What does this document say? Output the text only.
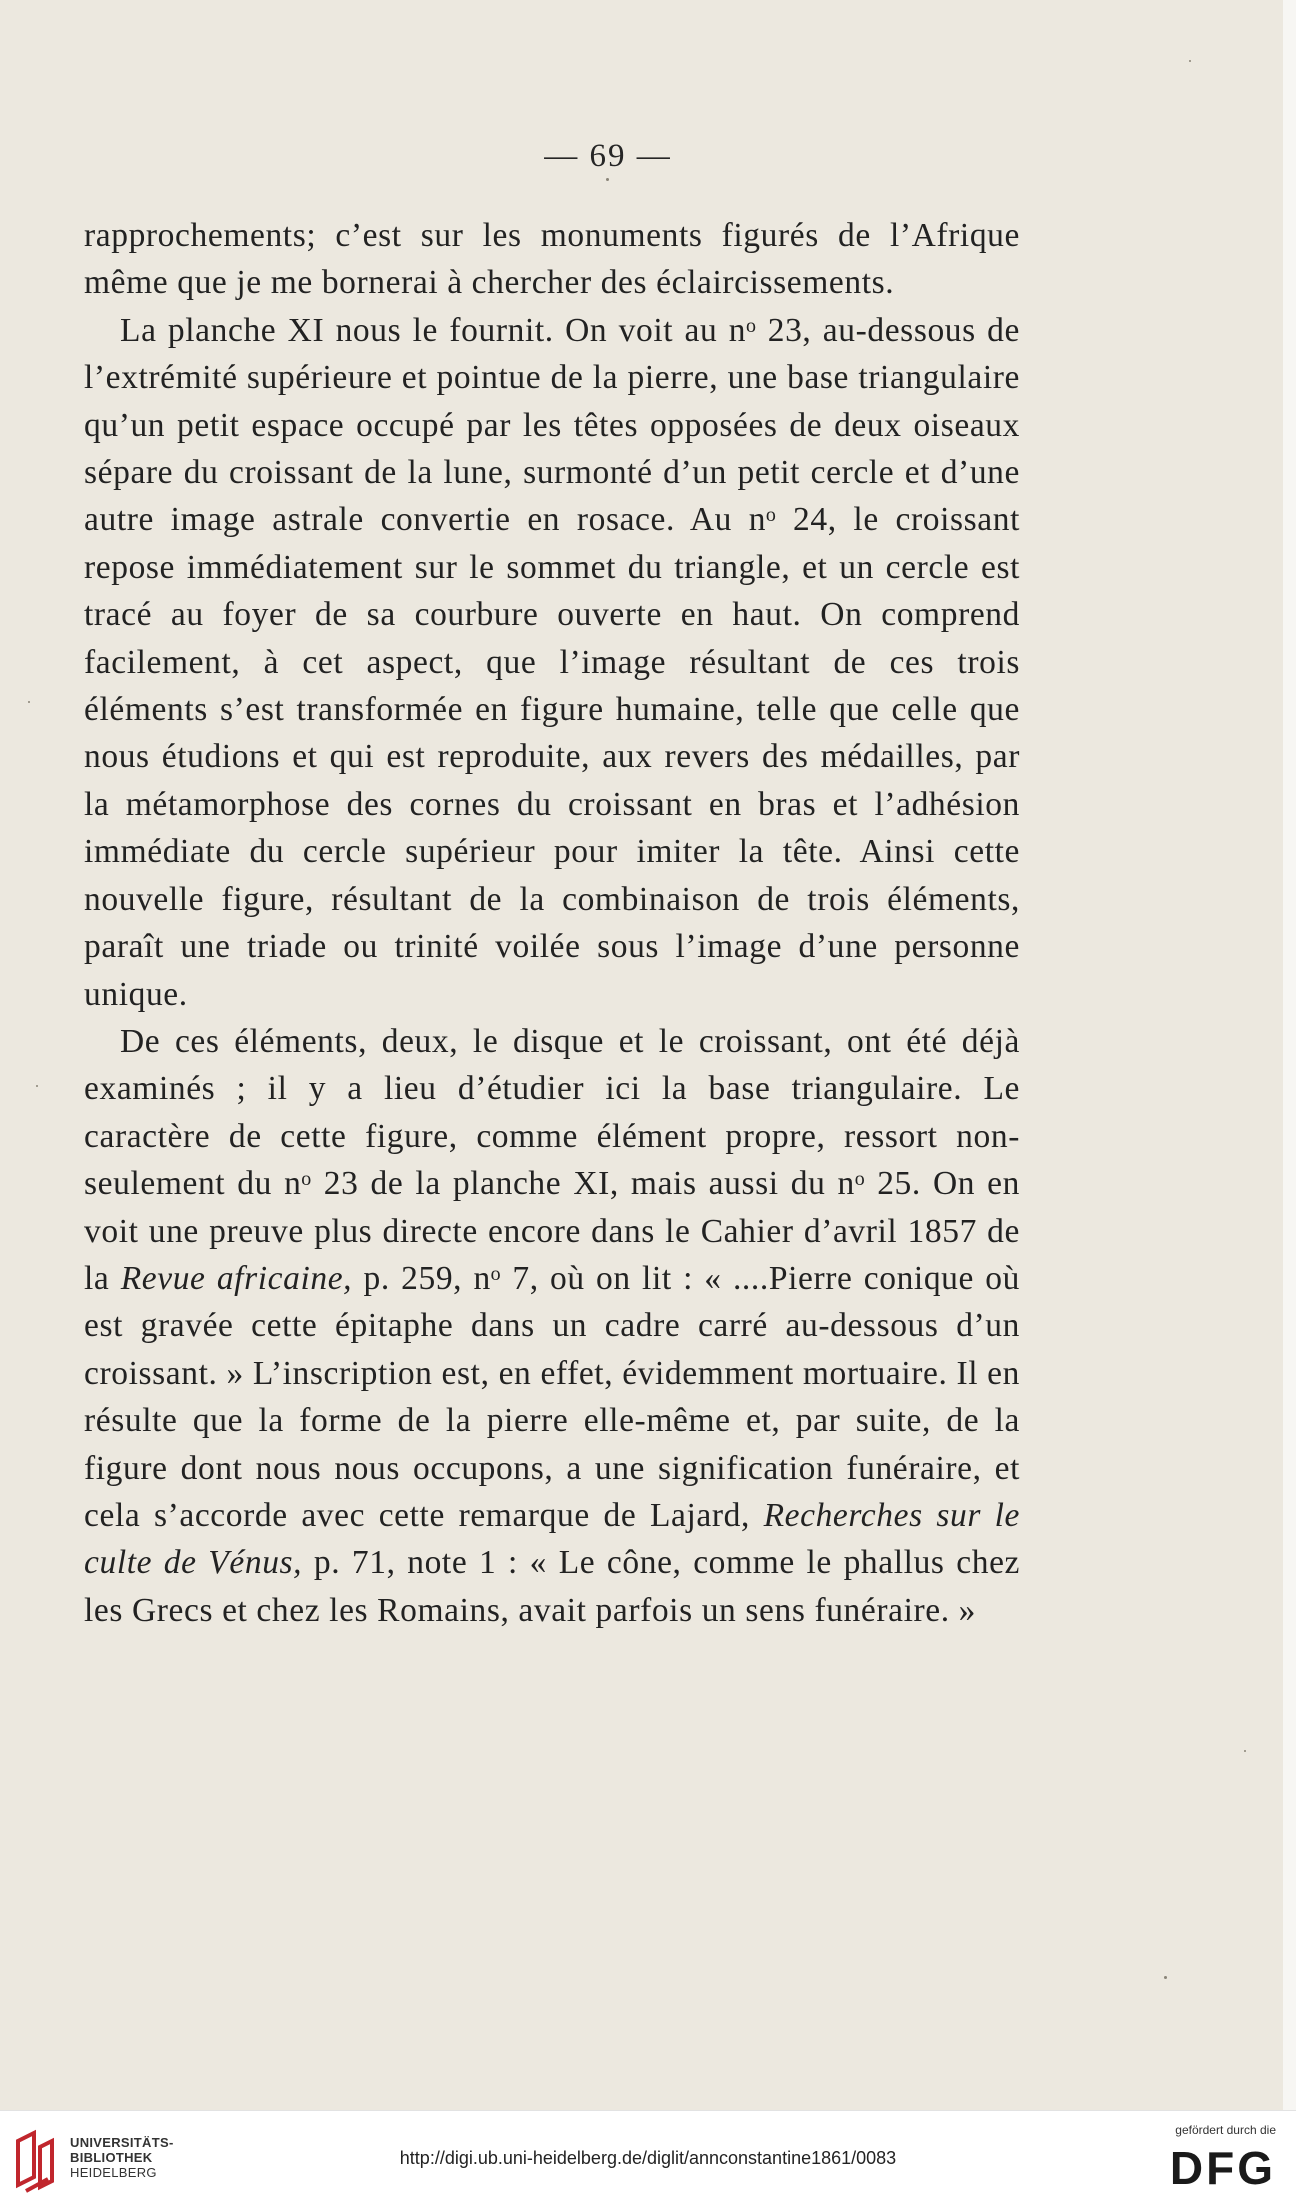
— 69 —

rapprochements; c’est sur les monuments figurés de l’Afrique même que je me bornerai à chercher des éclaircissements.

La planche XI nous le fournit. On voit au nᵒ 23, au-dessous de l’extrémité supérieure et pointue de la pierre, une base triangulaire qu’un petit espace occupé par les têtes opposées de deux oiseaux sépare du croissant de la lune, surmonté d’un petit cercle et d’une autre image astrale convertie en rosace. Au nᵒ 24, le croissant repose immédiatement sur le sommet du triangle, et un cercle est tracé au foyer de sa courbure ouverte en haut. On comprend facilement, à cet aspect, que l’image résultant de ces trois éléments s’est transformée en figure humaine, telle que celle que nous étudions et qui est reproduite, aux revers des médailles, par la métamorphose des cornes du croissant en bras et l’adhésion immédiate du cercle supérieur pour imiter la tête. Ainsi cette nouvelle figure, résultant de la combinaison de trois éléments, paraît une triade ou trinité voilée sous l’image d’une personne unique.

De ces éléments, deux, le disque et le croissant, ont été déjà examinés ; il y a lieu d’étudier ici la base triangulaire. Le caractère de cette figure, comme élément propre, ressort non-seulement du nᵒ 23 de la planche XI, mais aussi du nᵒ 25. On en voit une preuve plus directe encore dans le Cahier d’avril 1857 de la Revue africaine, p. 259, nᵒ 7, où on lit : « ....Pierre conique où est gravée cette épitaphe dans un cadre carré au-dessous d’un croissant. » L’inscription est, en effet, évidemment mortuaire. Il en résulte que la forme de la pierre elle-même et, par suite, de la figure dont nous nous occupons, a une signification funéraire, et cela s’accorde avec cette remarque de Lajard, Recherches sur le culte de Vénus, p. 71, note 1 : « Le cône, comme le phallus chez les Grecs et chez les Romains, avait parfois un sens funéraire. »

UNIVERSITÄTS-
BIBLIOTHEK
HEIDELBERG
http://digi.ub.uni-heidelberg.de/diglit/annconstantine1861/0083
gefördert durch die
DFG
